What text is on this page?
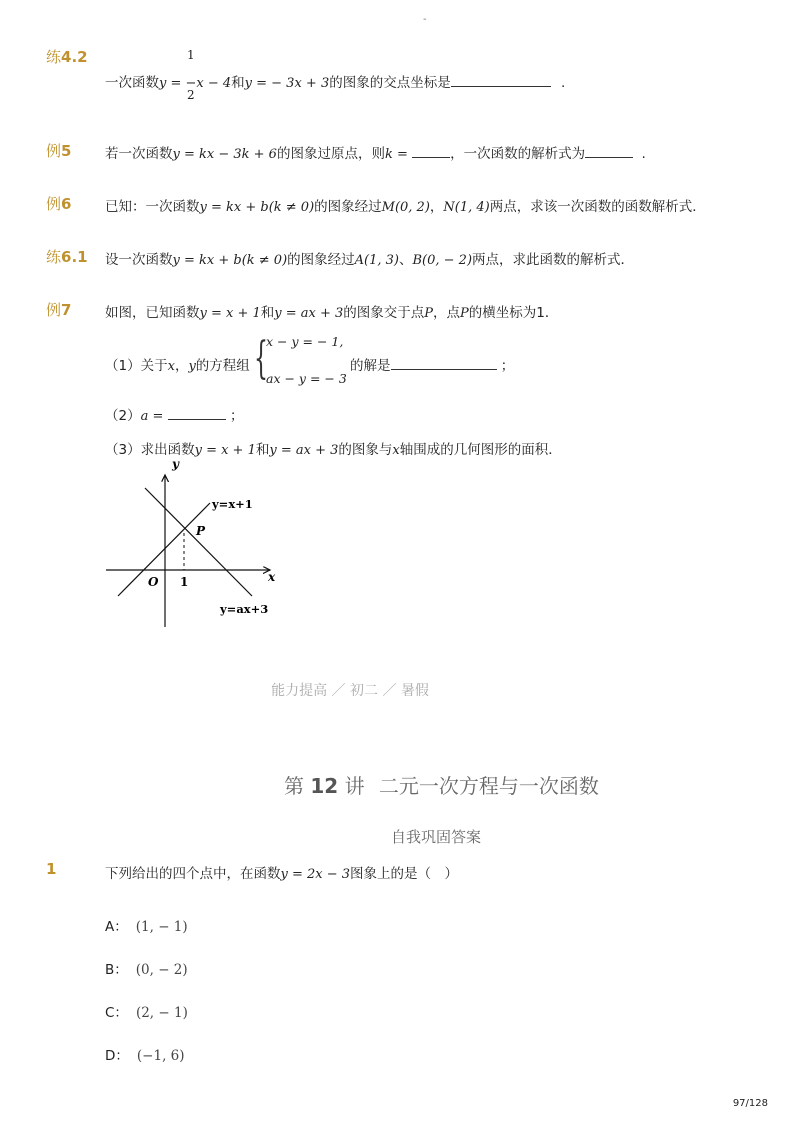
-
练4.2	1
2
一次函数y = −x − 4和y = − 3x + 3的图象的交点坐标是	.
例5 若一次函数y = kx − 3k + 6的图象过原点，则k =	，一次函数的解析式为	.
例6 已知：一次函数y = kx + b(k ≠ 0)的图象经过M(0, 2)，N(1, 4)两点，求该一次函数的函数解析式．
练6.1 设一次函数y = kx + b(k ≠ 0)的图象经过A(1, 3)、B(0, − 2)两点，求此函数的解析式．
例7 如图，已知函数y = x + 1和y = ax + 3的图象交于点P，点P的横坐标为1．
（1）关于x，y的方程组 {
x − y = − 1,
ax − y = − 3
的解是	；
（2）a =	；
（3）求出函数y = x + 1和y = ax + 3的图象与x轴围成的几何图形的面积．
y
x
O 1
P
y=x+1
y=ax+3
能力提高 ／ 初二 ／ 暑假
第 12 讲 二元一次方程与一次函数
自我巩固答案
1	下列给出的四个点中，在函数y = 2x − 3图象上的是（　）
A： (1, − 1)
B： (0, − 2)
C： (2, − 1)
D： (−1, 6)
97/128
